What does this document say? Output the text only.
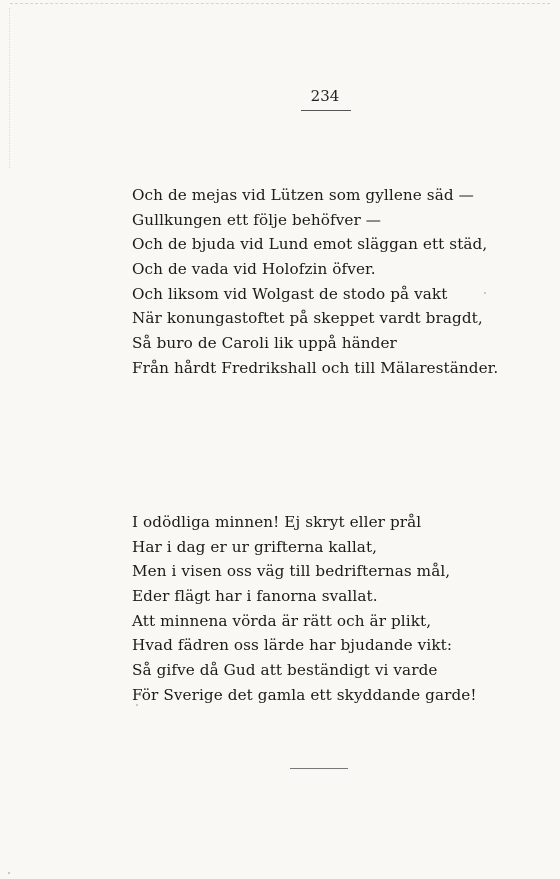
234
Och de mejas vid Lützen som gyllene säd —
Gullkungen ett följe behöfver —
Och de bjuda vid Lund emot släggan ett städ,
Och de vada vid Holofzin öfver.
Och liksom vid Wolgast de stodo på vakt
När konungastoftet på skeppet vardt bragdt,
Så buro de Caroli lik uppå händer
Från hårdt Fredrikshall och till Mälareständer.
I odödliga minnen! Ej skryt eller prål
Har i dag er ur grifterna kallat,
Men i visen oss väg till bedrifternas mål,
Eder flägt har i fanorna svallat.
Att minnena vörda är rätt och är plikt,
Hvad fädren oss lärde har bjudande vikt:
Så gifve då Gud att beständigt vi varde
För Sverige det gamla ett skyddande garde!
